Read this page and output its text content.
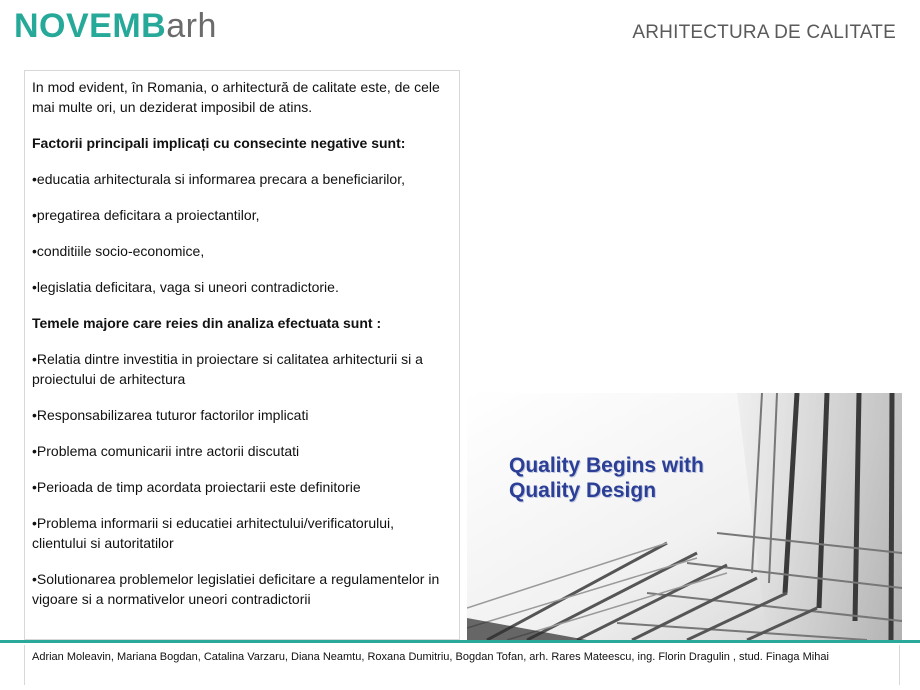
NOVEMBarh	ARHITECTURA DE CALITATE

In mod evident, în Romania, o arhitectură de calitate este, de cele mai multe ori, un deziderat imposibil de atins.

Factorii principali implicați cu consecinte negative sunt:

•educatia arhitecturala si informarea precara a beneficiarilor,

•pregatirea deficitara a proiectantilor,

•conditiile socio-economice,

•legislatia deficitara, vaga si uneori contradictorie.

Temele majore care reies din analiza efectuata sunt :

•Relatia dintre investitia in proiectare si calitatea arhitecturii si a proiectului de arhitectura

•Responsabilizarea tuturor factorilor implicati

•Problema comunicarii intre actorii discutati

•Perioada de timp acordata proiectarii este definitorie

•Problema informarii si educatiei arhitectului/verificatorului, clientului si autoritatilor

•Solutionarea problemelor legislatiei deficitare a regulamentelor in vigoare si a normativelor uneori contradictorii

Quality Begins with
Quality Design
Adrian Moleavin, Mariana Bogdan, Catalina Varzaru, Diana Neamtu, Roxana Dumitriu, Bogdan Tofan, arh. Rares Mateescu, ing. Florin Dragulin , stud. Finaga Mihai
